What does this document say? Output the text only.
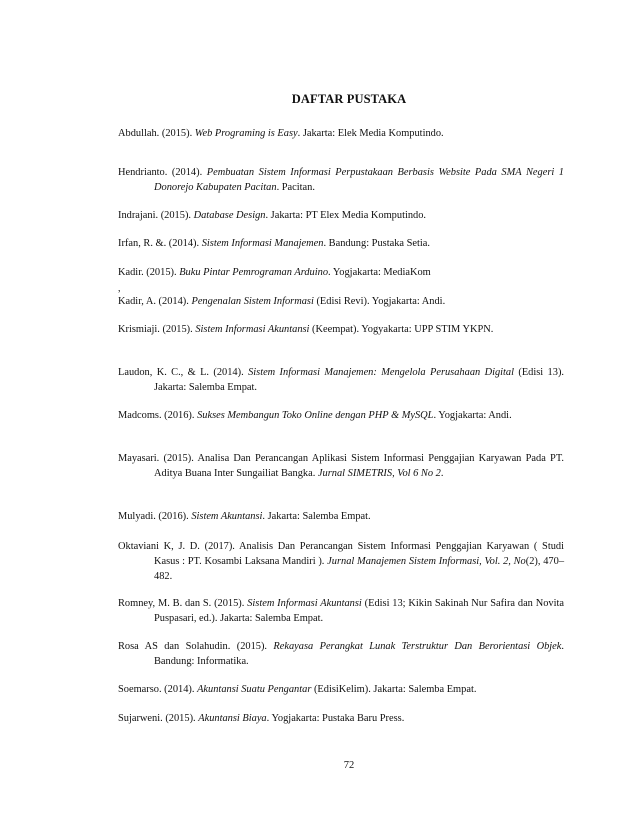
DAFTAR PUSTAKA
Abdullah. (2015). Web Programing is Easy. Jakarta: Elek Media Komputindo.
Hendrianto. (2014). Pembuatan Sistem Informasi Perpustakaan Berbasis Website Pada SMA Negeri 1 Donorejo Kabupaten Pacitan. Pacitan.
Indrajani. (2015). Database Design. Jakarta: PT Elex Media Komputindo.
Irfan, R. &. (2014). Sistem Informasi Manajemen. Bandung: Pustaka Setia.
Kadir. (2015). Buku Pintar Pemrograman Arduino. Yogjakarta: MediaKom
Kadir, A. (2014). Pengenalan Sistem Informasi (Edisi Revi). Yogjakarta: Andi.
Krismiaji. (2015). Sistem Informasi Akuntansi (Keempat). Yogyakarta: UPP STIM YKPN.
Laudon, K. C., & L. (2014). Sistem Informasi Manajemen: Mengelola Perusahaan Digital (Edisi 13). Jakarta: Salemba Empat.
Madcoms. (2016). Sukses Membangun Toko Online dengan PHP & MySQL. Yogjakarta: Andi.
Mayasari. (2015). Analisa Dan Perancangan Aplikasi Sistem Informasi Penggajian Karyawan Pada PT. Aditya Buana Inter Sungailiat Bangka. Jurnal SIMETRIS, Vol 6 No 2.
Mulyadi. (2016). Sistem Akuntansi. Jakarta: Salemba Empat.
Oktaviani K, J. D. (2017). Analisis Dan Perancangan Sistem Informasi Penggajian Karyawan ( Studi Kasus : PT. Kosambi Laksana Mandiri ). Jurnal Manajemen Sistem Informasi, Vol. 2, No(2), 470–482.
Romney, M. B. dan S. (2015). Sistem Informasi Akuntansi (Edisi 13; Kikin Sakinah Nur Safira dan Novita Puspasari, ed.). Jakarta: Salemba Empat.
Rosa AS dan Solahudin. (2015). Rekayasa Perangkat Lunak Terstruktur Dan Berorientasi Objek. Bandung: Informatika.
Soemarso. (2014). Akuntansi Suatu Pengantar (EdisiKelim). Jakarta: Salemba Empat.
Sujarweni. (2015). Akuntansi Biaya. Yogjakarta: Pustaka Baru Press.
,
72
